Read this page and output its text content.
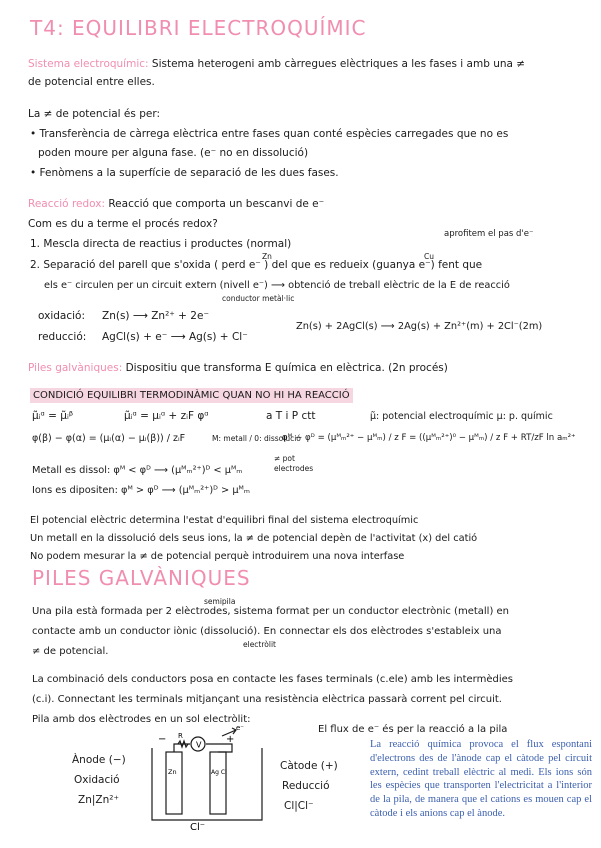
T4: EQUILIBRI ELECTROQUÍMIC
Sistema electroquímic: Sistema heterogeni amb càrregues elèctriques a les fases i amb una ≠
de potencial entre elles.
La ≠ de potencial és per:
• Transferència de càrrega elèctrica entre fases quan conté espècies carregades que no es
poden moure per alguna fase. (e⁻ no en dissolució)
• Fenòmens a la superfície de separació de les dues fases.
Reacció redox: Reacció que comporta un bescanvi de e⁻
Com es du a terme el procés redox?
aprofitem el pas d'e⁻
1. Mescla directa de reactius i productes (normal)
Zn	Cu
2. Separació del parell que s'oxida ( perd e⁻ ) del que es redueix (guanya e⁻) fent que
els e⁻ circulen per un circuit extern (nivell e⁻) ⟶ obtenció de treball elèctric de la E de reacció
conductor metàl·lic
oxidació: Zn(s) ⟶ Zn²⁺ + 2e⁻
reducció: AgCl(s) + e⁻ ⟶ Ag(s) + Cl⁻
Zn(s) + 2AgCl(s) ⟶ 2Ag(s) + Zn²⁺(m) + 2Cl⁻(2m)
Piles galvàniques: Dispositiu que transforma E química en elèctrica. (2n procés)
CONDICIÓ EQUILIBRI TERMODINÀMIC QUAN NO HI HA REACCIÓ
μ̃ᵢᵅ = μ̃ᵢᵝ	μ̃ᵢᵅ = μᵢᵅ + zᵢF φᵅ	a T i P ctt	μ̃: potencial electroquímic μ: p. químic
φ(β) − φ(α) = (μᵢ(α) − μᵢ(β)) / zᵢF	M: metall / 0: dissolució
φᴹ − φᴰ = (μᴹₘ²⁺ − μᴹₘ) / z F = ((μᴹₘ²⁺)⁰ − μᴹₘ) / z F + RT/zF ln aₘ²⁺
≠ pot
electrodes
Metall es dissol: φᴹ < φᴰ ⟶ (μᴹₘ²⁺)ᴰ < μᴹₘ
Ions es dipositen: φᴹ > φᴰ ⟶ (μᴹₘ²⁺)ᴰ > μᴹₘ
El potencial elèctric determina l'estat d'equilibri final del sistema electroquímic
Un metall en la dissolució dels seus ions, la ≠ de potencial depèn de l'activitat (x) del catió
No podem mesurar la ≠ de potencial perquè introduirem una nova interfase
PILES GALVÀNIQUES
semipila
Una pila està formada per 2 elèctrodes, sistema format per un conductor electrònic (metall) en
contacte amb un conductor iònic (dissolució). En connectar els dos elèctrodes s'estableix una
electròlit
≠ de potencial.
La combinació dels conductors posa en contacte les fases terminals (c.ele) amb les intermèdies
(c.i). Connectant les terminals mitjançant una resistència elèctrica passarà corrent pel circuit.
Pila amb dos elèctrodes en un sol electròlit:
El flux de e⁻ és per la reacció a la pila
Ànode (−)
Oxidació
Zn|Zn²⁺
Càtode (+)
Reducció
Cl|Cl⁻
V
−	+
R
e⁻
Zn	Ag Cl
Cl⁻
La reacció química provoca el flux espontani d'electrons des de l'ànode cap el càtode pel circuit extern, cedint treball elèctric al medi. Els ions són les espècies que transporten l'electricitat a l'interior de la pila, de manera que el cations es mouen cap el càtode i els anions cap el ànode.
